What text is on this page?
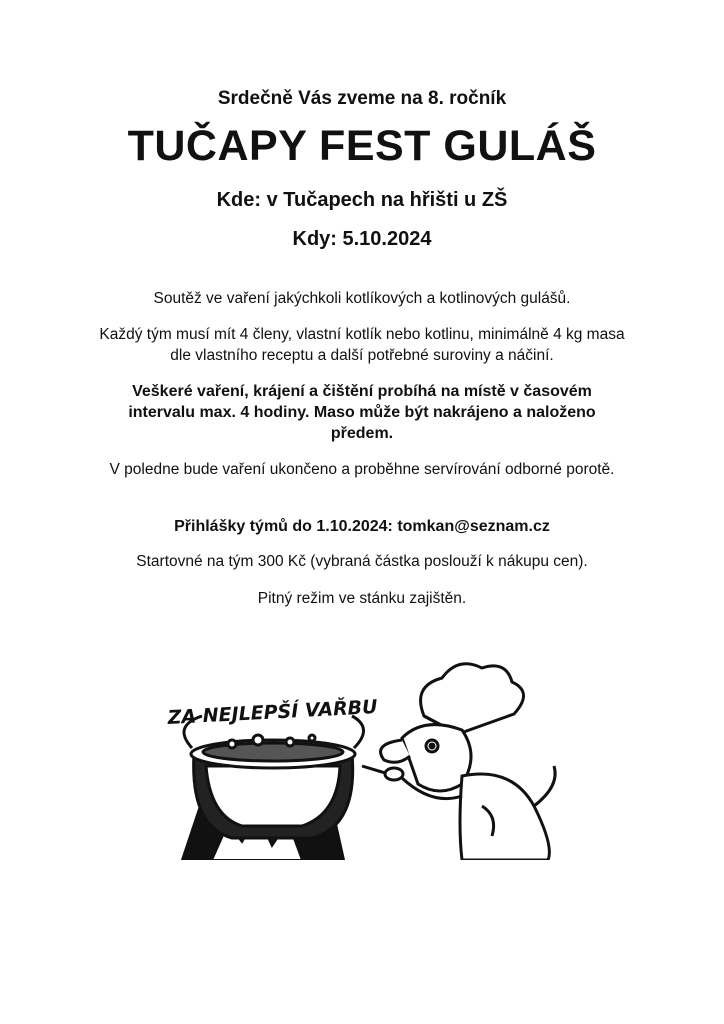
Srdečně Vás zveme na 8. ročník

TUČAPY FEST GULÁŠ

Kde: v Tučapech na hřišti u ZŠ

Kdy: 5.10.2024

Soutěž ve vaření jakýchkoli kotlíkových a kotlinových gulášů.

Každý tým musí mít 4 členy, vlastní kotlík nebo kotlinu, minimálně 4 kg masa dle vlastního receptu a další potřebné suroviny a náčiní.

Veškeré vaření, krájení a čištění probíhá na místě v časovém intervalu max. 4 hodiny. Maso může být nakrájeno a naloženo předem.

V poledne bude vaření ukončeno a proběhne servírování odborné porotě.

Přihlášky týmů do 1.10.2024: tomkan@seznam.cz

Startovné na tým 300 Kč (vybraná částka poslouží k nákupu cen).

Pitný režim ve stánku zajištěn.

ZA NEJLEPŠÍ VAŘBU
